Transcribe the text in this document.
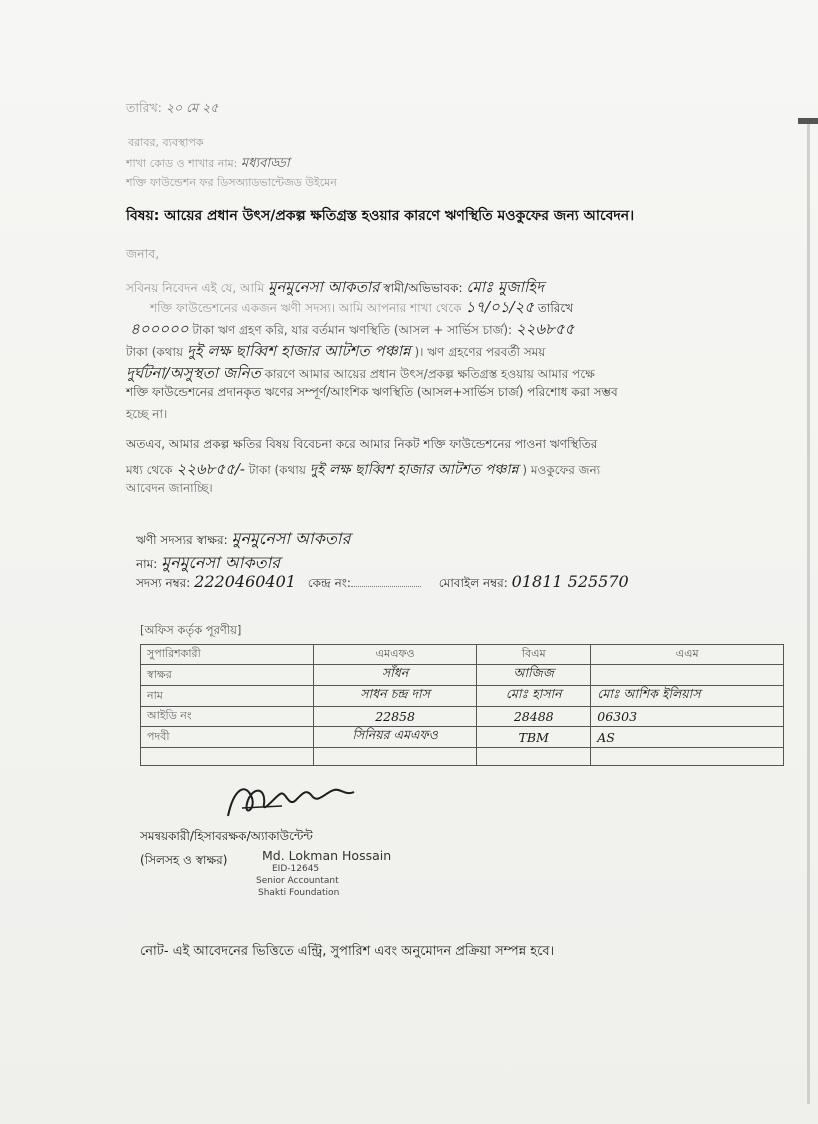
তারিখ: ২০ মে ২৫
বরাবর, ব্যবস্থাপক
শাখা কোড ও শাখার নাম: মধ্যবাড্ডা
শক্তি ফাউন্ডেশন ফর ডিসঅ্যাডভান্টেজড উইমেন
বিষয়: আয়ের প্রধান উৎস/প্রকল্প ক্ষতিগ্রস্ত হওয়ার কারণে ঋণস্থিতি মওকুফের জন্য আবেদন।
জনাব,
সবিনয় নিবেদন এই যে, আমি মুনমুনেসা আকতার স্বামী/অভিভাবক: মোঃ মুজাহিদ
শক্তি ফাউন্ডেশনের একজন ঋণী সদস্য। আমি আপনার শাখা থেকে ১৭/০১/২৫ তারিখে
৪০০০০০ টাকা ঋণ গ্রহণ করি, যার বর্তমান ঋণস্থিতি (আসল + সার্ভিস চার্জ): ২২৬৮৫৫
টাকা (কথায় দুই লক্ষ ছাব্বিশ হাজার আটশত পঞ্চান্ন )। ঋণ গ্রহণের পরবর্তী সময়
দুর্ঘটনা/অসুস্থতা জনিত কারণে আমার আয়ের প্রধান উৎস/প্রকল্প ক্ষতিগ্রস্ত হওয়ায় আমার পক্ষে
শক্তি ফাউন্ডেশনের প্রদানকৃত ঋণের সম্পূর্ণ/আংশিক ঋণস্থিতি (আসল+সার্ভিস চার্জ) পরিশোধ করা সম্ভব
হচ্ছে না।
অতএব, আমার প্রকল্প ক্ষতির বিষয় বিবেচনা করে আমার নিকট শক্তি ফাউন্ডেশনের পাওনা ঋণস্থিতির
মধ্য থেকে ২২৬৮৫৫/- টাকা (কথায় দুই লক্ষ ছাব্বিশ হাজার আটশত পঞ্চান্ন ) মওকুফের জন্য
আবেদন জানাচ্ছি।
ঋণী সদস্যর স্বাক্ষর: মুনমুনেসা আকতার
নাম: মুনমুনেসা আকতার
সদস্য নম্বর: 2220460401 কেন্দ্র নং:	মোবাইল নম্বর: 01811 525570
[অফিস কর্তৃক পূরণীয়]
সুপারিশকারী	এমএফও	বিএম	এএম
স্বাক্ষর	সাঁধন	আজিজ	
নাম	সাধন চন্দ্র দাস	মোঃ হাসান	মোঃ আশিক ইলিয়াস
আইডি নং	22858	28488	06303
পদবী	সিনিয়র এমএফও	TBM	AS

সমন্বয়কারী/হিসাবরক্ষক/অ্যাকাউন্টেন্ট
(সিলসহ ও স্বাক্ষর)	Md. Lokman Hossain
EID-12645
Senior Accountant
Shakti Foundation
নোট- এই আবেদনের ভিত্তিতে এন্ট্রি, সুপারিশ এবং অনুমোদন প্রক্রিয়া সম্পন্ন হবে।
